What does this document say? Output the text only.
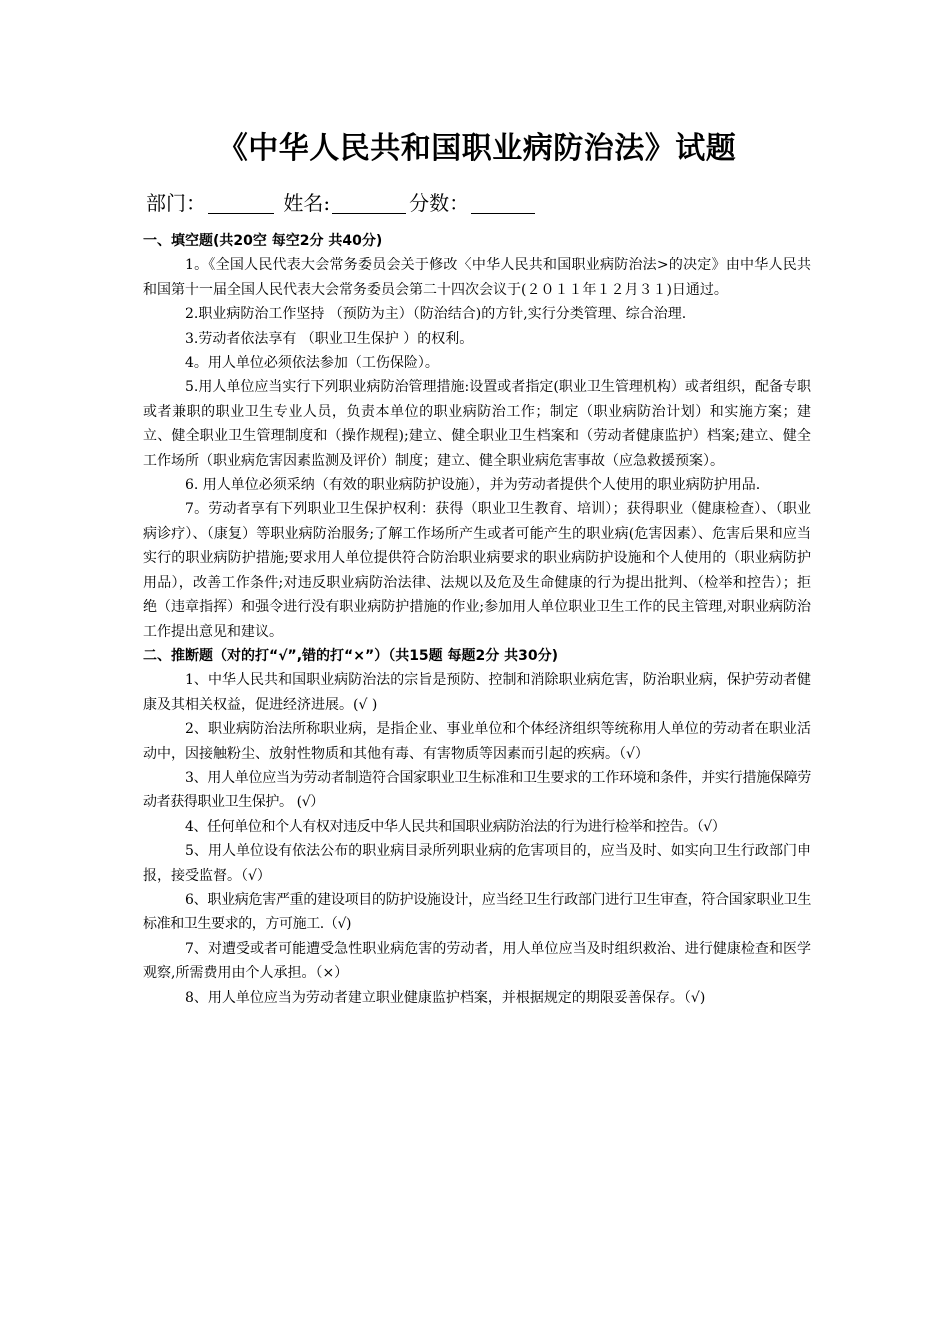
《中华人民共和国职业病防治法》试题
部门：	姓名:	分数：
一、填空题(共20空 每空2分 共40分)

1。《全国人民代表大会常务委员会关于修改〈中华人民共和国职业病防治法>的决定》由中华人民共和国第十一届全国人民代表大会常务委员会第二十四次会议于(２０１１年１２月３１)日通过。

2.职业病防治工作坚持 （预防为主）（防治结合)的方针,实行分类管理、综合治理.

3.劳动者依法享有 （职业卫生保护 ）的权利。

4。用人单位必须依法参加（工伤保险）。

5.用人单位应当实行下列职业病防治管理措施:设置或者指定(职业卫生管理机构）或者组织，配备专职或者兼职的职业卫生专业人员，负责本单位的职业病防治工作；制定（职业病防治计划）和实施方案；建立、健全职业卫生管理制度和（操作规程);建立、健全职业卫生档案和（劳动者健康监护）档案;建立、健全工作场所（职业病危害因素监测及评价）制度；建立、健全职业病危害事故（应急救援预案）。

6. 用人单位必须采纳（有效的职业病防护设施），并为劳动者提供个人使用的职业病防护用品.

7。劳动者享有下列职业卫生保护权利：获得（职业卫生教育、培训）；获得职业（健康检查）、（职业病诊疗）、（康复）等职业病防治服务;了解工作场所产生或者可能产生的职业病(危害因素）、危害后果和应当实行的职业病防护措施;要求用人单位提供符合防治职业病要求的职业病防护设施和个人使用的（职业病防护用品），改善工作条件;对违反职业病防治法律、法规以及危及生命健康的行为提出批判、（检举和控告）；拒绝（违章指挥）和强令进行没有职业病防护措施的作业;参加用人单位职业卫生工作的民主管理,对职业病防治工作提出意见和建议。

二、推断题（对的打“√”,错的打“×”）（共15题 每题2分 共30分)

1、中华人民共和国职业病防治法的宗旨是预防、控制和消除职业病危害，防治职业病，保护劳动者健康及其相关权益，促进经济进展。(√ )

2、职业病防治法所称职业病，是指企业、事业单位和个体经济组织等统称用人单位的劳动者在职业活动中，因接触粉尘、放射性物质和其他有毒、有害物质等因素而引起的疾病。（√）

3、用人单位应当为劳动者制造符合国家职业卫生标准和卫生要求的工作环境和条件，并实行措施保障劳动者获得职业卫生保护。 (√）

4、任何单位和个人有权对违反中华人民共和国职业病防治法的行为进行检举和控告。（√）

5、用人单位设有依法公布的职业病目录所列职业病的危害项目的，应当及时、如实向卫生行政部门申报，接受监督。（√）

6、职业病危害严重的建设项目的防护设施设计，应当经卫生行政部门进行卫生审查，符合国家职业卫生标准和卫生要求的，方可施工.（√)

7、对遭受或者可能遭受急性职业病危害的劳动者，用人单位应当及时组织救治、进行健康检查和医学观察,所需费用由个人承担。（×）

8、用人单位应当为劳动者建立职业健康监护档案，并根据规定的期限妥善保存。（√)
